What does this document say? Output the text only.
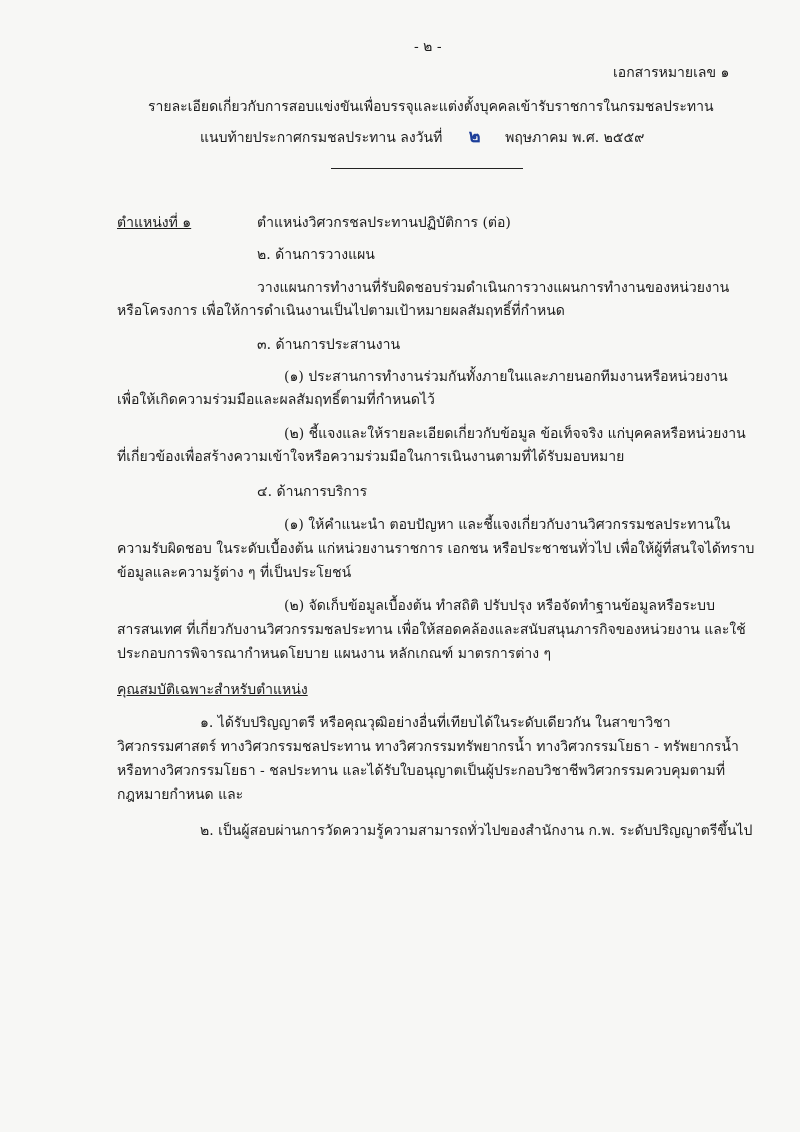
- ๒ -
เอกสารหมายเลข ๑
รายละเอียดเกี่ยวกับการสอบแข่งขันเพื่อบรรจุและแต่งตั้งบุคคลเข้ารับราชการในกรมชลประทาน
แนบท้ายประกาศกรมชลประทาน ลงวันที่ ๒ พฤษภาคม พ.ศ. ๒๕๕๙
ตำแหน่งที่ ๑	ตำแหน่งวิศวกรชลประทานปฏิบัติการ (ต่อ)
๒. ด้านการวางแผน
วางแผนการทำงานที่รับผิดชอบร่วมดำเนินการวางแผนการทำงานของหน่วยงาน
หรือโครงการ เพื่อให้การดำเนินงานเป็นไปตามเป้าหมายผลสัมฤทธิ์ที่กำหนด
๓. ด้านการประสานงาน
(๑) ประสานการทำงานร่วมกันทั้งภายในและภายนอกทีมงานหรือหน่วยงาน
เพื่อให้เกิดความร่วมมือและผลสัมฤทธิ์ตามที่กำหนดไว้
(๒) ชี้แจงและให้รายละเอียดเกี่ยวกับข้อมูล ข้อเท็จจริง แก่บุคคลหรือหน่วยงาน
ที่เกี่ยวข้องเพื่อสร้างความเข้าใจหรือความร่วมมือในการเนินงานตามที่ได้รับมอบหมาย
๔. ด้านการบริการ
(๑) ให้คำแนะนำ ตอบปัญหา และชี้แจงเกี่ยวกับงานวิศวกรรมชลประทานใน
ความรับผิดชอบ ในระดับเบื้องต้น แก่หน่วยงานราชการ เอกชน หรือประชาชนทั่วไป เพื่อให้ผู้ที่สนใจได้ทราบ
ข้อมูลและความรู้ต่าง ๆ ที่เป็นประโยชน์
(๒) จัดเก็บข้อมูลเบื้องต้น ทำสถิติ ปรับปรุง หรือจัดทำฐานข้อมูลหรือระบบ
สารสนเทศ ที่เกี่ยวกับงานวิศวกรรมชลประทาน เพื่อให้สอดคล้องและสนับสนุนภารกิจของหน่วยงาน และใช้
ประกอบการพิจารณากำหนดโยบาย แผนงาน หลักเกณฑ์ มาตรการต่าง ๆ
คุณสมบัติเฉพาะสำหรับตำแหน่ง
๑. ได้รับปริญญาตรี หรือคุณวุฒิอย่างอื่นที่เทียบได้ในระดับเดียวกัน ในสาขาวิชา
วิศวกรรมศาสตร์ ทางวิศวกรรมชลประทาน ทางวิศวกรรมทรัพยากรน้ำ ทางวิศวกรรมโยธา - ทรัพยากรน้ำ
หรือทางวิศวกรรมโยธา - ชลประทาน และได้รับใบอนุญาตเป็นผู้ประกอบวิชาชีพวิศวกรรมควบคุมตามที่
กฎหมายกำหนด และ
๒. เป็นผู้สอบผ่านการวัดความรู้ความสามารถทั่วไปของสำนักงาน ก.พ. ระดับปริญญาตรีขึ้นไป
